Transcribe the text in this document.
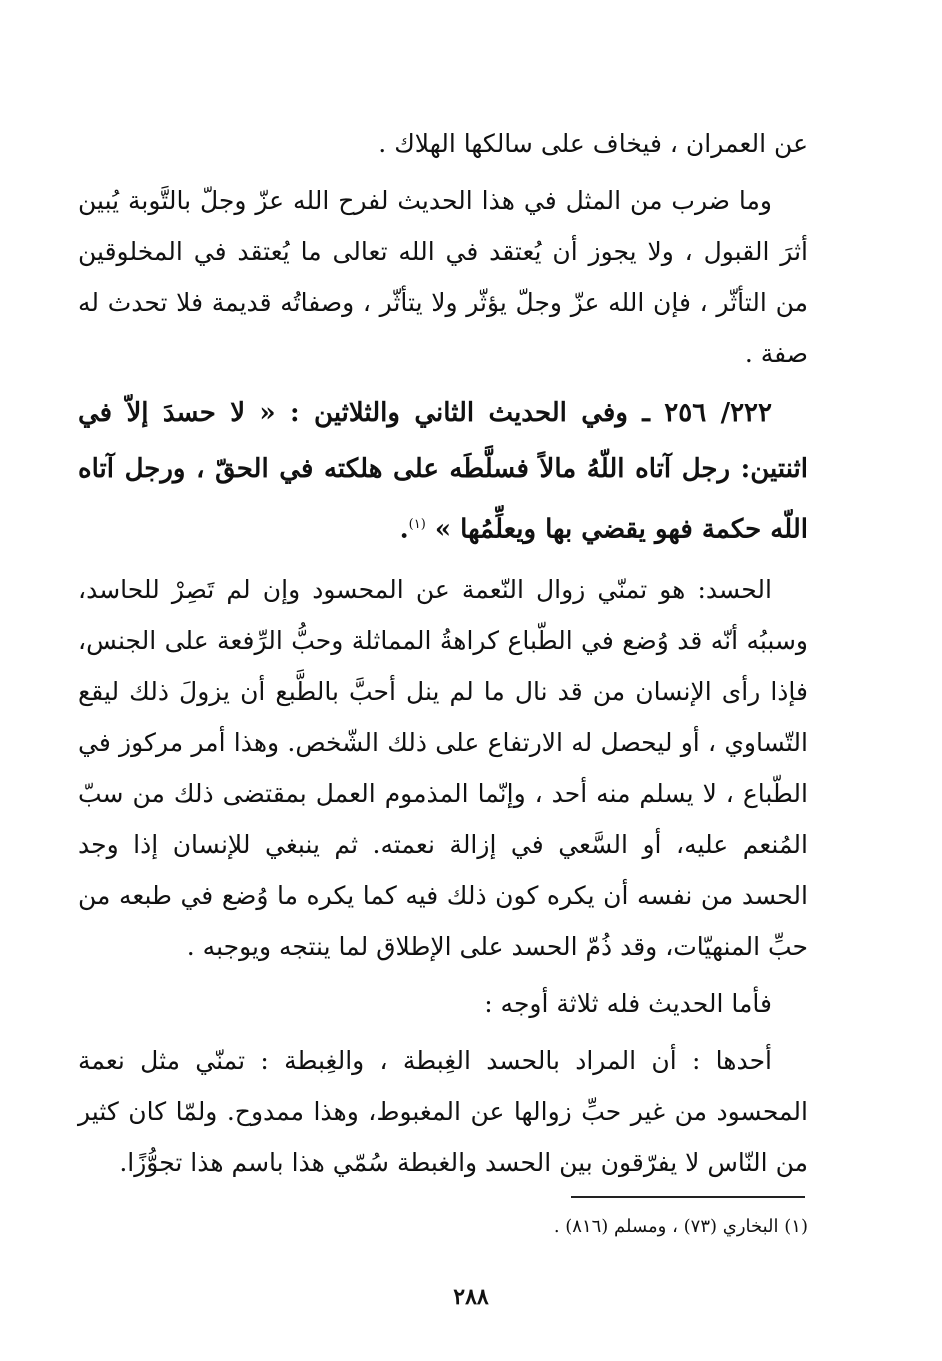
عن العمران ، فيخاف على سالكها الهلاك .

وما ضرب من المثل في هذا الحديث لفرح الله عزّ وجلّ بالتَّوبة يُبين أثرَ القبول ، ولا يجوز أن يُعتقد في الله تعالى ما يُعتقد في المخلوقين من التأثّر ، فإن الله عزّ وجلّ يؤثّر ولا يتأثّر ، وصفاتُه قديمة فلا تحدث له صفة .

٢٢٢/ ٢٥٦ ـ وفي الحديث الثاني والثلاثين : « لا حسدَ إلاّ في اثنتين: رجل آتاه اللّهُ مالاً فسلَّطَه على هلكته في الحقّ ، ورجل آتاه اللّه حكمة فهو يقضي بها ويعلِّمُها » $^{(١)}$.

الحسد: هو تمنّي زوال النّعمة عن المحسود وإن لم تَصِرْ للحاسد، وسببُه أنّه قد وُضع في الطّباع كراهةُ المماثلة وحبُّ الرِّفعة على الجنس، فإذا رأى الإنسان من قد نال ما لم ينل أحبَّ بالطَّبع أن يزولَ ذلك ليقع التّساوي ، أو ليحصل له الارتفاع على ذلك الشّخص. وهذا أمر مركوز في الطّباع ، لا يسلم منه أحد ، وإنّما المذموم العمل بمقتضى ذلك من سبّ المُنعم عليه، أو السَّعي في إزالة نعمته. ثم ينبغي للإنسان إذا وجد الحسد من نفسه أن يكره كون ذلك فيه كما يكره ما وُضع في طبعه من حبِّ المنهيّات، وقد ذُمّ الحسد على الإطلاق لما ينتجه ويوجبه .

فأما الحديث فله ثلاثة أوجه :

أحدها : أن المراد بالحسد الغِبطة ، والغِبطة : تمنّي مثل نعمة المحسود من غير حبِّ زوالها عن المغبوط، وهذا ممدوح. ولمّا كان كثير من النّاس لا يفرّقون بين الحسد والغبطة سُمّي هذا باسم هذا تجوُّزًا.

(١) البخاري (٧٣) ، ومسلم (٨١٦) .
٢٨٨
